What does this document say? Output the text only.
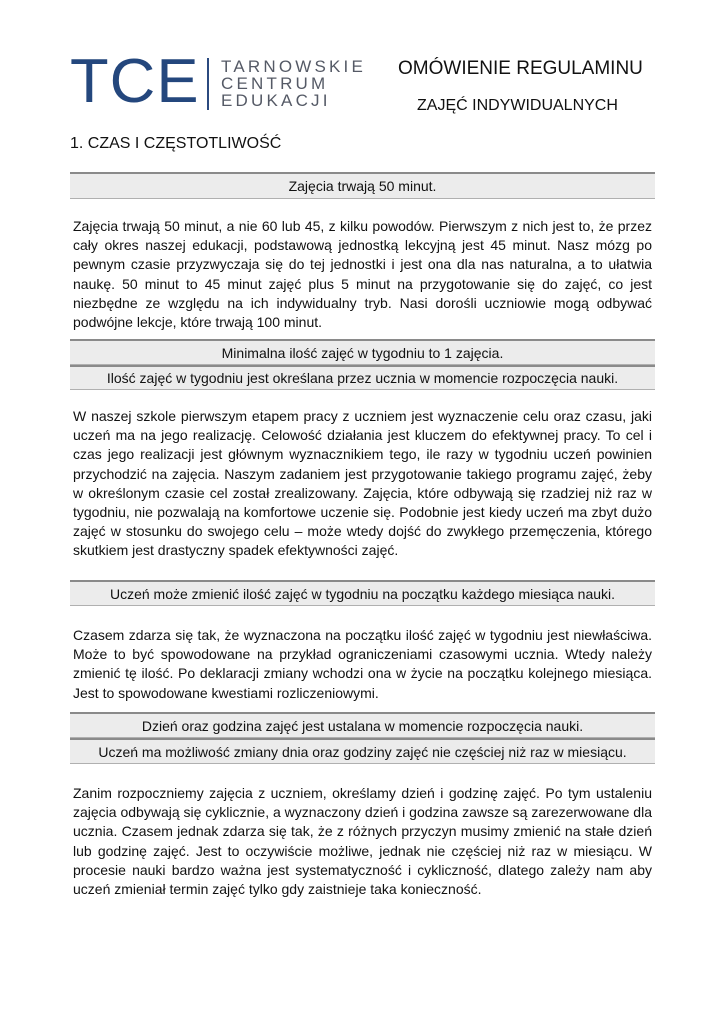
TCE TARNOWSKIE
CENTRUM
EDUKACJI
OMÓWIENIE REGULAMINU
ZAJĘĆ INDYWIDUALNYCH
1. CZAS I CZĘSTOTLIWOŚĆ
Zajęcia trwają 50 minut.

Zajęcia trwają 50 minut, a nie 60 lub 45, z kilku powodów. Pierwszym z nich jest to, że przez cały okres naszej edukacji, podstawową jednostką lekcyjną jest 45 minut. Nasz mózg po pewnym czasie przyzwyczaja się do tej jednostki i jest ona dla nas naturalna, a to ułatwia naukę. 50 minut to 45 minut zajęć plus 5 minut na przygotowanie się do zajęć, co jest niezbędne ze względu na ich indywidualny tryb. Nasi dorośli uczniowie mogą odbywać podwójne lekcje, które trwają 100 minut.

Minimalna ilość zajęć w tygodniu to 1 zajęcia.
Ilość zajęć w tygodniu jest określana przez ucznia w momencie rozpoczęcia nauki.

W naszej szkole pierwszym etapem pracy z uczniem jest wyznaczenie celu oraz czasu, jaki uczeń ma na jego realizację. Celowość działania jest kluczem do efektywnej pracy. To cel i czas jego realizacji jest głównym wyznacznikiem tego, ile razy w tygodniu uczeń powinien przychodzić na zajęcia. Naszym zadaniem jest przygotowanie takiego programu zajęć, żeby w określonym czasie cel został zrealizowany. Zajęcia, które odbywają się rzadziej niż raz w tygodniu, nie pozwalają na komfortowe uczenie się. Podobnie jest kiedy uczeń ma zbyt dużo zajęć w stosunku do swojego celu – może wtedy dojść do zwykłego przemęczenia, którego skutkiem jest drastyczny spadek efektywności zajęć.

Uczeń może zmienić ilość zajęć w tygodniu na początku każdego miesiąca nauki.

Czasem zdarza się tak, że wyznaczona na początku ilość zajęć w tygodniu jest niewłaściwa. Może to być spowodowane na przykład ograniczeniami czasowymi ucznia. Wtedy należy zmienić tę ilość. Po deklaracji zmiany wchodzi ona w życie na początku kolejnego miesiąca. Jest to spowodowane kwestiami rozliczeniowymi.

Dzień oraz godzina zajęć jest ustalana w momencie rozpoczęcia nauki.
Uczeń ma możliwość zmiany dnia oraz godziny zajęć nie częściej niż raz w miesiącu.

Zanim rozpoczniemy zajęcia z uczniem, określamy dzień i godzinę zajęć. Po tym ustaleniu zajęcia odbywają się cyklicznie, a wyznaczony dzień i godzina zawsze są zarezerwowane dla ucznia. Czasem jednak zdarza się tak, że z różnych przyczyn musimy zmienić na stałe dzień lub godzinę zajęć. Jest to oczywiście możliwe, jednak nie częściej niż raz w miesiącu. W procesie nauki bardzo ważna jest systematyczność i cykliczność, dlatego zależy nam aby uczeń zmieniał termin zajęć tylko gdy zaistnieje taka konieczność.
